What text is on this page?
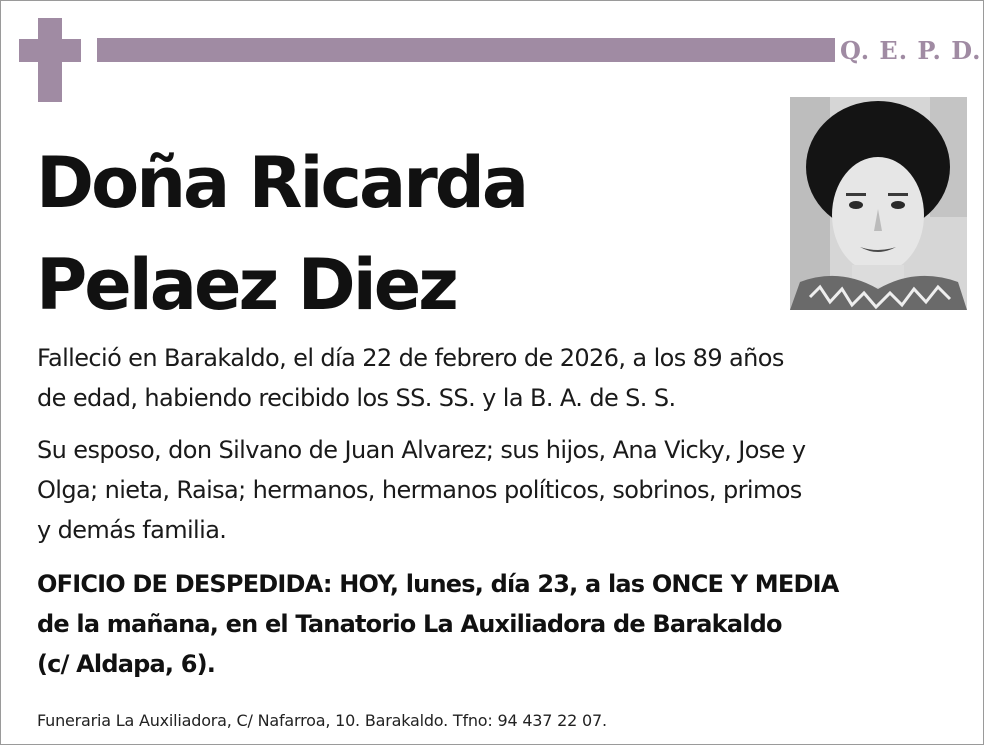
Q. E. P. D.
Doña Ricarda
Pelaez Diez
Falleció en Barakaldo, el día 22 de febrero de 2026, a los 89 años
de edad, habiendo recibido los SS. SS. y la B. A. de S. S.
Su esposo, don Silvano de Juan Alvarez; sus hijos, Ana Vicky, Jose y
Olga; nieta, Raisa; hermanos, hermanos políticos, sobrinos, primos
y demás familia.
OFICIO DE DESPEDIDA: HOY, lunes, día 23, a las ONCE Y MEDIA
de la mañana, en el Tanatorio La Auxiliadora de Barakaldo
(c/ Aldapa, 6).
Funeraria La Auxiliadora, C/ Nafarroa, 10. Barakaldo. Tfno: 94 437 22 07.
